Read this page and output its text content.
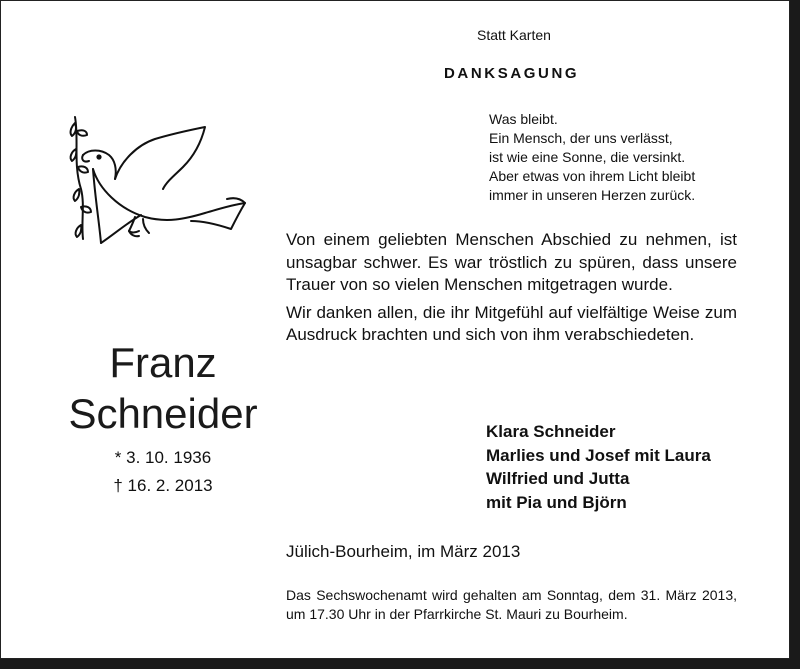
Statt Karten
DANKSAGUNG
Was bleibt.
Ein Mensch, der uns verlässt,
ist wie eine Sonne, die versinkt.
Aber etwas von ihrem Licht bleibt
immer in unseren Herzen zurück.

Von einem geliebten Menschen Abschied zu nehmen, ist unsagbar schwer. Es war tröstlich zu spüren, dass unsere Trauer von so vielen Menschen mitgetragen wurde.

Wir danken allen, die ihr Mitgefühl auf vielfältige Weise zum Ausdruck brachten und sich von ihm verabschiedeten.

Franz
Schneider
* 3. 10. 1936
† 16. 2. 2013
Klara Schneider
Marlies und Josef mit Laura
Wilfried und Jutta
mit Pia und Björn
Jülich-Bourheim, im März 2013
Das Sechswochenamt wird gehalten am Sonntag, dem 31. März 2013, um 17.30 Uhr in der Pfarrkirche St. Mauri zu Bourheim.
